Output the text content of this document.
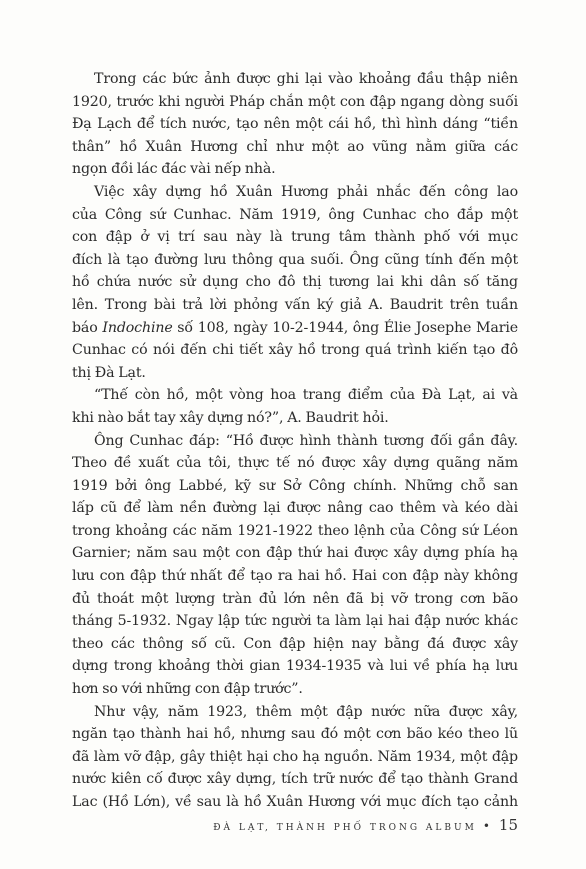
Trong các bức ảnh được ghi lại vào khoảng đầu thập niên
1920, trước khi người Pháp chắn một con đập ngang dòng suối
Đạ Lạch để tích nước, tạo nên một cái hồ, thì hình dáng “tiền
thân” hồ Xuân Hương chỉ như một ao vũng nằm giữa các
ngọn đồi lác đác vài nếp nhà.
Việc xây dựng hồ Xuân Hương phải nhắc đến công lao
của Công sứ Cunhac. Năm 1919, ông Cunhac cho đắp một
con đập ở vị trí sau này là trung tâm thành phố với mục
đích là tạo đường lưu thông qua suối. Ông cũng tính đến một
hồ chứa nước sử dụng cho đô thị tương lai khi dân số tăng
lên. Trong bài trả lời phỏng vấn ký giả A. Baudrit trên tuần
báo Indochine số 108, ngày 10-2-1944, ông Élie Josephe Marie
Cunhac có nói đến chi tiết xây hồ trong quá trình kiến tạo đô
thị Đà Lạt.
“Thế còn hồ, một vòng hoa trang điểm của Đà Lạt, ai và
khi nào bắt tay xây dựng nó?”, A. Baudrit hỏi.
Ông Cunhac đáp: “Hồ được hình thành tương đối gần đây.
Theo đề xuất của tôi, thực tế nó được xây dựng quãng năm
1919 bởi ông Labbé, kỹ sư Sở Công chính. Những chỗ san
lấp cũ để làm nền đường lại được nâng cao thêm và kéo dài
trong khoảng các năm 1921-1922 theo lệnh của Công sứ Léon
Garnier; năm sau một con đập thứ hai được xây dựng phía hạ
lưu con đập thứ nhất để tạo ra hai hồ. Hai con đập này không
đủ thoát một lượng tràn đủ lớn nên đã bị vỡ trong cơn bão
tháng 5-1932. Ngay lập tức người ta làm lại hai đập nước khác
theo các thông số cũ. Con đập hiện nay bằng đá được xây
dựng trong khoảng thời gian 1934-1935 và lui về phía hạ lưu
hơn so với những con đập trước”.
Như vậy, năm 1923, thêm một đập nước nữa được xây,
ngăn tạo thành hai hồ, nhưng sau đó một cơn bão kéo theo lũ
đã làm vỡ đập, gây thiệt hại cho hạ nguồn. Năm 1934, một đập
nước kiên cố được xây dựng, tích trữ nước để tạo thành Grand
Lac (Hồ Lớn), về sau là hồ Xuân Hương với mục đích tạo cảnh
ĐÀ LẠT, THÀNH PHỐ TRONG ALBUM • 15
